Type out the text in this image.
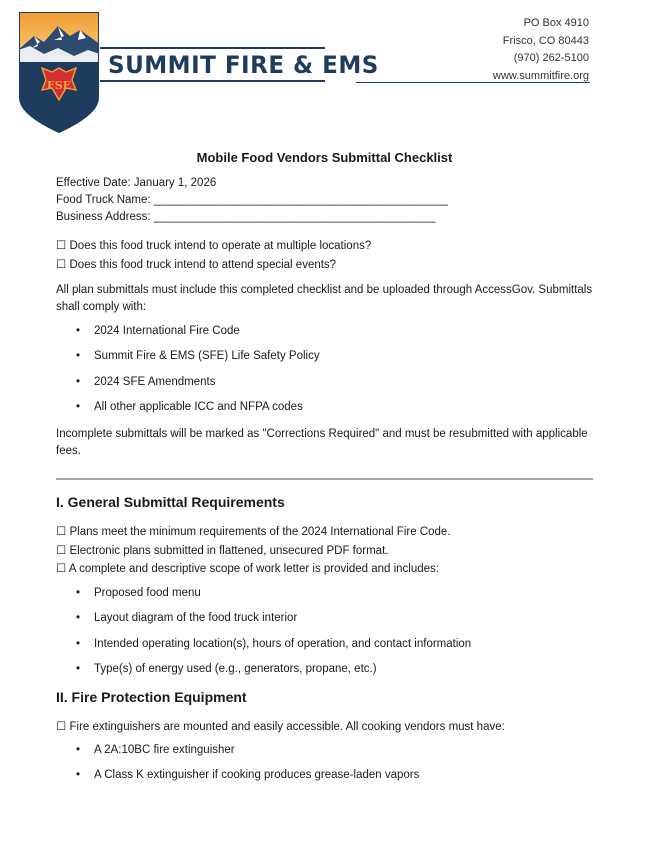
FSE
SUMMIT FIRE & EMS
PO Box 4910
Frisco, CO 80443
(970) 262-5100
www.summitfire.org
Mobile Food Vendors Submittal Checklist
Effective Date: January 1, 2026
Food Truck Name: ______________________________________________
Business Address: ____________________________________________
☐ Does this food truck intend to operate at multiple locations?
☐ Does this food truck intend to attend special events?
All plan submittals must include this completed checklist and be uploaded through AccessGov. Submittals shall comply with:
• 2024 International Fire Code
• Summit Fire & EMS (SFE) Life Safety Policy
• 2024 SFE Amendments
• All other applicable ICC and NFPA codes
Incomplete submittals will be marked as "Corrections Required" and must be resubmitted with applicable fees.
I. General Submittal Requirements
☐ Plans meet the minimum requirements of the 2024 International Fire Code.
☐ Electronic plans submitted in flattened, unsecured PDF format.
☐ A complete and descriptive scope of work letter is provided and includes:
• Proposed food menu
• Layout diagram of the food truck interior
• Intended operating location(s), hours of operation, and contact information
• Type(s) of energy used (e.g., generators, propane, etc.)
II. Fire Protection Equipment
☐ Fire extinguishers are mounted and easily accessible. All cooking vendors must have:
• A 2A:10BC fire extinguisher
• A Class K extinguisher if cooking produces grease-laden vapors
